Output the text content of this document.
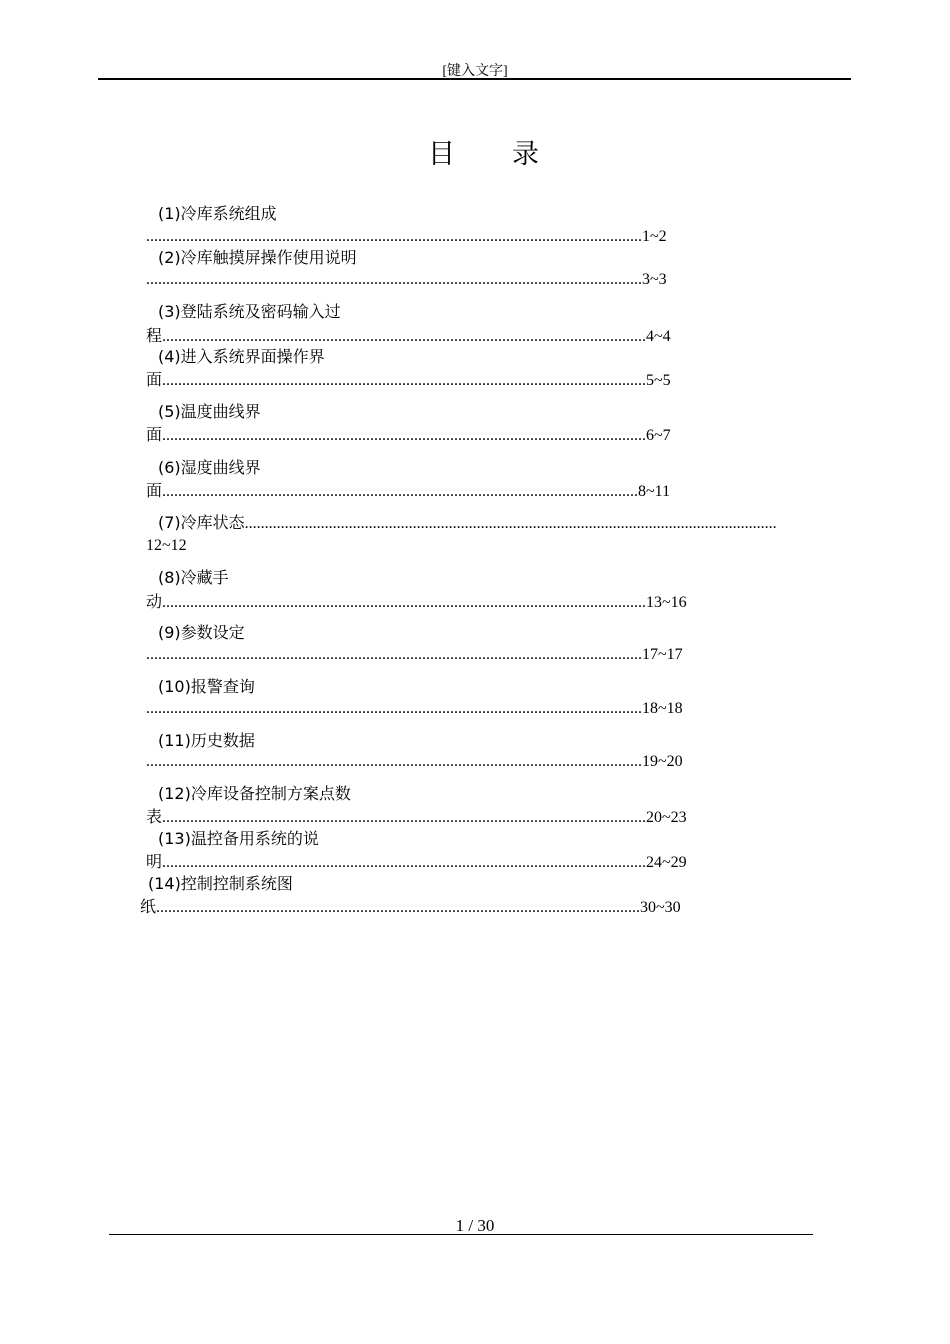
[键入文字]
目 录
(1)冷库系统组成
............................................................................................................................1~2
(2)冷库触摸屏操作使用说明
............................................................................................................................3~3
(3)登陆系统及密码输入过
程.........................................................................................................................4~4
(4)进入系统界面操作界
面.........................................................................................................................5~5
(5)温度曲线界
面.........................................................................................................................6~7
(6)湿度曲线界
面.......................................................................................................................8~11
(7)冷库状态.....................................................................................................................................
12~12
(8)冷藏手
动.........................................................................................................................13~16
(9)参数设定
............................................................................................................................17~17
(10)报警查询
............................................................................................................................18~18
(11)历史数据
............................................................................................................................19~20
(12)冷库设备控制方案点数
表.........................................................................................................................20~23
(13)温控备用系统的说
明.........................................................................................................................24~29
(14)控制控制系统图
纸.........................................................................................................................30~30
1 / 30
